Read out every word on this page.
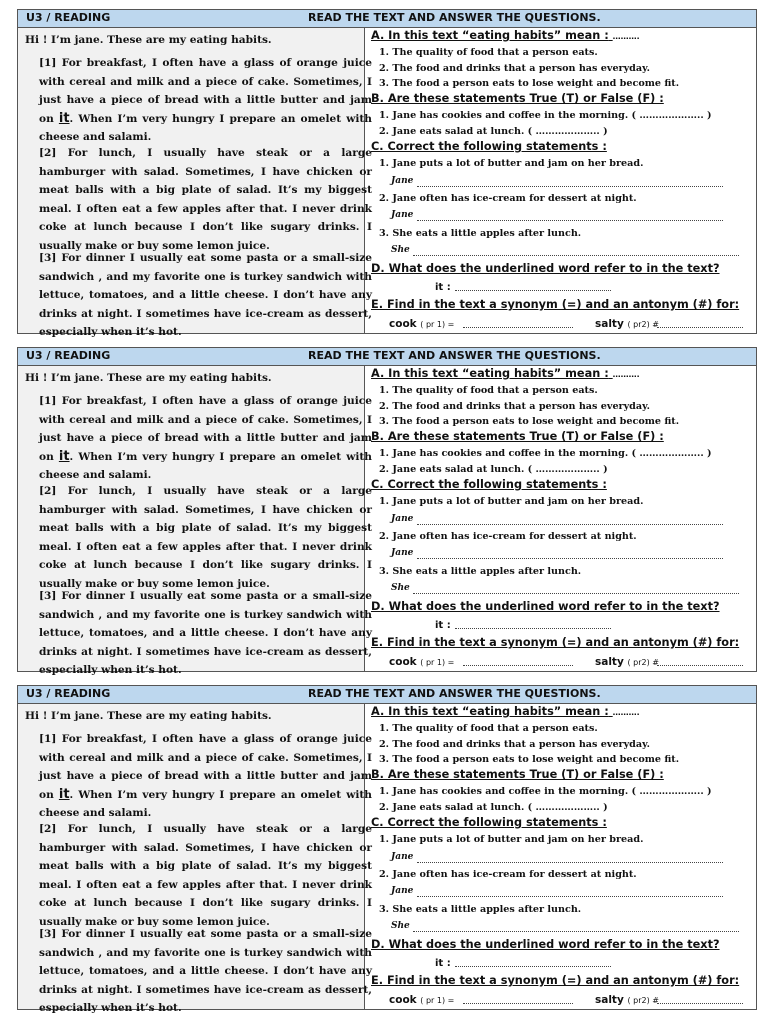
U3 / READING	READ THE TEXT AND ANSWER THE QUESTIONS.
Hi ! I’m jane. These are my eating habits.
[1] For breakfast, I often have a glass of orange juice with cereal and milk and a piece of cake. Sometimes, I just have a piece of bread with a little butter and jam on it. When I’m very hungry I prepare an omelet with cheese and salami.
[2] For lunch, I usually have steak or a large hamburger with salad. Sometimes, I have chicken or meat balls with a big plate of salad. It’s my biggest meal. I often eat a few apples after that. I never drink coke at lunch because I don’t like sugary drinks. I usually make or buy some lemon juice.
[3] For dinner I usually eat some pasta or a small-size sandwich , and my favorite one is turkey sandwich with lettuce, tomatoes, and a little cheese. I don’t have any drinks at night. I sometimes have ice-cream as dessert, especially when it’s hot.
A. In this text “eating habits” mean : ……….
1. The quality of food that a person eats.
2. The food and drinks that a person has everyday.
3. The food a person eats to lose weight and become fit.
B. Are these statements True (T) or False (F) :
1. Jane has cookies and coffee in the morning. ( ……………….. )
2. Jane eats salad at lunch. ( ……………….. )
C. Correct the following statements :
1. Jane puts a lot of butter and jam on her bread.
Jane
2. Jane often has ice-cream for dessert at night.
Jane
3. She eats a little apples after lunch.
She
D. What does the underlined word refer to in the text?
it :
E. Find in the text a synonym (=) and an antonym (#) for:
cook ( pr 1) =	salty ( pr2) #
U3 / READING	READ THE TEXT AND ANSWER THE QUESTIONS.
Hi ! I’m jane. These are my eating habits.
[1] For breakfast, I often have a glass of orange juice with cereal and milk and a piece of cake. Sometimes, I just have a piece of bread with a little butter and jam on it. When I’m very hungry I prepare an omelet with cheese and salami.
[2] For lunch, I usually have steak or a large hamburger with salad. Sometimes, I have chicken or meat balls with a big plate of salad. It’s my biggest meal. I often eat a few apples after that. I never drink coke at lunch because I don’t like sugary drinks. I usually make or buy some lemon juice.
[3] For dinner I usually eat some pasta or a small-size sandwich , and my favorite one is turkey sandwich with lettuce, tomatoes, and a little cheese. I don’t have any drinks at night. I sometimes have ice-cream as dessert, especially when it’s hot.
A. In this text “eating habits” mean : ……….
1. The quality of food that a person eats.
2. The food and drinks that a person has everyday.
3. The food a person eats to lose weight and become fit.
B. Are these statements True (T) or False (F) :
1. Jane has cookies and coffee in the morning. ( ……………….. )
2. Jane eats salad at lunch. ( ……………….. )
C. Correct the following statements :
1. Jane puts a lot of butter and jam on her bread.
Jane
2. Jane often has ice-cream for dessert at night.
Jane
3. She eats a little apples after lunch.
She
D. What does the underlined word refer to in the text?
it :
E. Find in the text a synonym (=) and an antonym (#) for:
cook ( pr 1) =	salty ( pr2) #
U3 / READING	READ THE TEXT AND ANSWER THE QUESTIONS.
Hi ! I’m jane. These are my eating habits.
[1] For breakfast, I often have a glass of orange juice with cereal and milk and a piece of cake. Sometimes, I just have a piece of bread with a little butter and jam on it. When I’m very hungry I prepare an omelet with cheese and salami.
[2] For lunch, I usually have steak or a large hamburger with salad. Sometimes, I have chicken or meat balls with a big plate of salad. It’s my biggest meal. I often eat a few apples after that. I never drink coke at lunch because I don’t like sugary drinks. I usually make or buy some lemon juice.
[3] For dinner I usually eat some pasta or a small-size sandwich , and my favorite one is turkey sandwich with lettuce, tomatoes, and a little cheese. I don’t have any drinks at night. I sometimes have ice-cream as dessert, especially when it’s hot.
A. In this text “eating habits” mean : ……….
1. The quality of food that a person eats.
2. The food and drinks that a person has everyday.
3. The food a person eats to lose weight and become fit.
B. Are these statements True (T) or False (F) :
1. Jane has cookies and coffee in the morning. ( ……………….. )
2. Jane eats salad at lunch. ( ……………….. )
C. Correct the following statements :
1. Jane puts a lot of butter and jam on her bread.
Jane
2. Jane often has ice-cream for dessert at night.
Jane
3. She eats a little apples after lunch.
She
D. What does the underlined word refer to in the text?
it :
E. Find in the text a synonym (=) and an antonym (#) for:
cook ( pr 1) =	salty ( pr2) #
